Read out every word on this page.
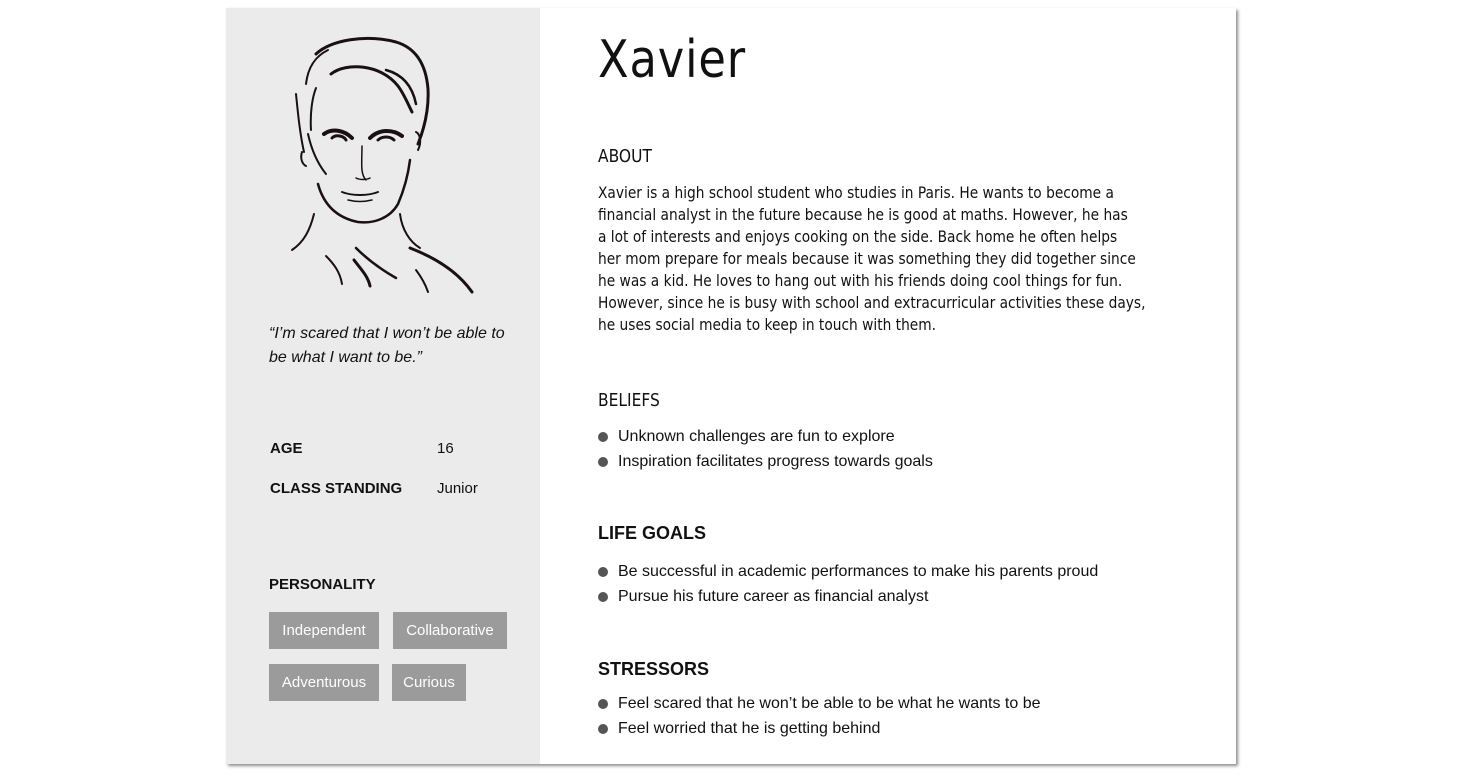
“I’m scared that I won’t be able to be what I want to be.”
AGE	16
CLASS STANDING Junior
PERSONALITY
Independent	Collaborative
Adventurous	Curious
Xavier
ABOUT
Xavier is a high school student who studies in Paris. He wants to become a
financial analyst in the future because he is good at maths. However, he has
a lot of interests and enjoys cooking on the side. Back home he often helps
her mom prepare for meals because it was something they did together since
he was a kid. He loves to hang out with his friends doing cool things for fun.
However, since he is busy with school and extracurricular activities these days,
he uses social media to keep in touch with them.
BELIEFS
Unknown challenges are fun to explore
Inspiration facilitates progress towards goals
LIFE GOALS
Be successful in academic performances to make his parents proud
Pursue his future career as financial analyst
STRESSORS
Feel scared that he won’t be able to be what he wants to be
Feel worried that he is getting behind
